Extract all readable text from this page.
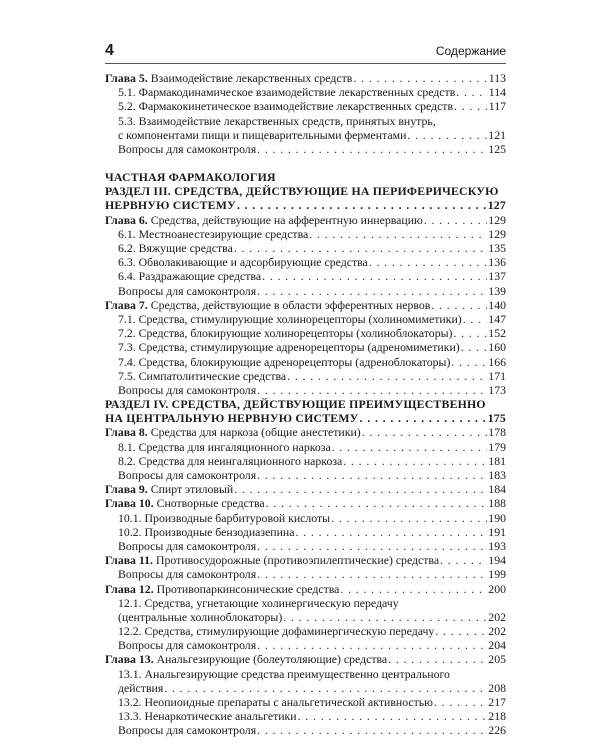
4	Содержание
Глава 5. Взаимодействие лекарственных средств . . .	113
5.1. Фармакодинамическое взаимодействие лекарственных средств . . .	114
5.2. Фармакокинетическое взаимодействие лекарственных средств . . .	117
5.3. Взаимодействие лекарственных средств, принятых внутрь,
с компонентами пищи и пищеварительными ферментами . . .	121
Вопросы для самоконтроля . . .	125
ЧАСТНАЯ ФАРМАКОЛОГИЯ
РАЗДЕЛ III. СРЕДСТВА, ДЕЙСТВУЮЩИЕ НА ПЕРИФЕРИЧЕСКУЮ
НЕРВНУЮ СИСТЕМУ . . .	127
Глава 6. Средства, действующие на афферентную иннервацию . . .	129
6.1. Местноанестезирующие средства . . .	129
6.2. Вяжущие средства . . .	135
6.3. Обволакивающие и адсорбирующие средства . . .	136
6.4. Раздражающие средства . . .	137
Вопросы для самоконтроля . . .	139
Глава 7. Средства, действующие в области эфферентных нервов . . .	140
7.1. Средства, стимулирующие холинорецепторы (холиномиметики) . . . 147
7.2. Средства, блокирующие холинорецепторы (холиноблокаторы) . . .	152
7.3. Средства, стимулирующие адренорецепторы (адреномиметики) . . . 160
7.4. Средства, блокирующие адренорецепторы (адреноблокаторы) . . .	166
7.5. Симпатолитические средства . . .	171
Вопросы для самоконтроля . . .	173
РАЗДЕЛ IV. СРЕДСТВА, ДЕЙСТВУЮЩИЕ ПРЕИМУЩЕСТВЕННО
НА ЦЕНТРАЛЬНУЮ НЕРВНУЮ СИСТЕМУ . . .	175
Глава 8. Средства для наркоза (общие анестетики) . . .	178
8.1. Средства для ингаляционного наркоза . . .	179
8.2. Средства для неингаляционного наркоза . . .	181
Вопросы для самоконтроля . . .	183
Глава 9. Спирт этиловый . . .	184
Глава 10. Снотворные средства . . .	188
10.1. Производные барбитуровой кислоты . . .	190
10.2. Производные бензодиазепина . . .	191
Вопросы для самоконтроля . . .	193
Глава 11. Противосудорожные (противоэпилептические) средства . . .	194
Вопросы для самоконтроля . . .	199
Глава 12. Противопаркинсонические средства . . .	200
12.1. Средства, угнетающие холинергическую передачу
(центральные холиноблокаторы) . . .	202
12.2. Средства, стимулирующие дофаминергическую передачу . . .	202
Вопросы для самоконтроля . . .	204
Глава 13. Анальгезирующие (болеутоляющие) средства . . .	205
13.1. Анальгезирующие средства преимущественно центрального
действия . . .	208
13.2. Неопиоидные препараты с анальгетической активностью . . .	217
13.3. Ненаркотические анальгетики . . .	218
Вопросы для самоконтроля . . .	226
